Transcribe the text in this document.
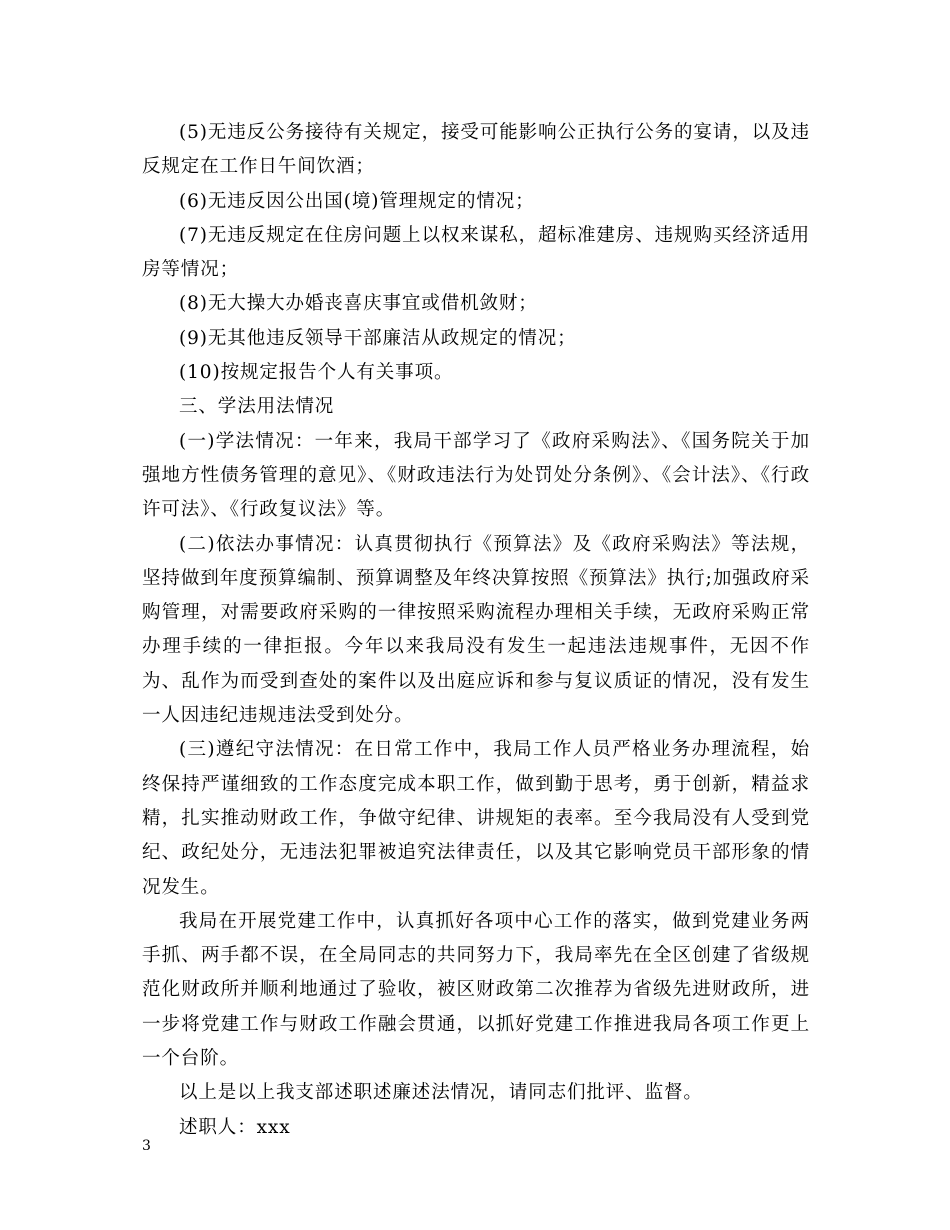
(5)无违反公务接待有关规定，接受可能影响公正执行公务的宴请，以及违反规定在工作日午间饮酒；

(6)无违反因公出国(境)管理规定的情况；

(7)无违反规定在住房问题上以权来谋私，超标准建房、违规购买经济适用房等情况；

(8)无大操大办婚丧喜庆事宜或借机敛财；

(9)无其他违反领导干部廉洁从政规定的情况；

(10)按规定报告个人有关事项。

三、学法用法情况

(一)学法情况：一年来，我局干部学习了《政府采购法》、《国务院关于加强地方性债务管理的意见》、《财政违法行为处罚处分条例》、《会计法》、《行政许可法》、《行政复议法》等。

(二)依法办事情况：认真贯彻执行《预算法》及《政府采购法》等法规，坚持做到年度预算编制、预算调整及年终决算按照《预算法》执行;加强政府采购管理，对需要政府采购的一律按照采购流程办理相关手续，无政府采购正常办理手续的一律拒报。今年以来我局没有发生一起违法违规事件，无因不作为、乱作为而受到查处的案件以及出庭应诉和参与复议质证的情况，没有发生一人因违纪违规违法受到处分。

(三)遵纪守法情况：在日常工作中，我局工作人员严格业务办理流程，始终保持严谨细致的工作态度完成本职工作，做到勤于思考，勇于创新，精益求精，扎实推动财政工作，争做守纪律、讲规矩的表率。至今我局没有人受到党纪、政纪处分，无违法犯罪被追究法律责任，以及其它影响党员干部形象的情况发生。

我局在开展党建工作中，认真抓好各项中心工作的落实，做到党建业务两手抓、两手都不误，在全局同志的共同努力下，我局率先在全区创建了省级规范化财政所并顺利地通过了验收，被区财政第二次推荐为省级先进财政所，进一步将党建工作与财政工作融会贯通，以抓好党建工作推进我局各项工作更上一个台阶。

以上是以上我支部述职述廉述法情况，请同志们批评、监督。

述职人：xxx

3
